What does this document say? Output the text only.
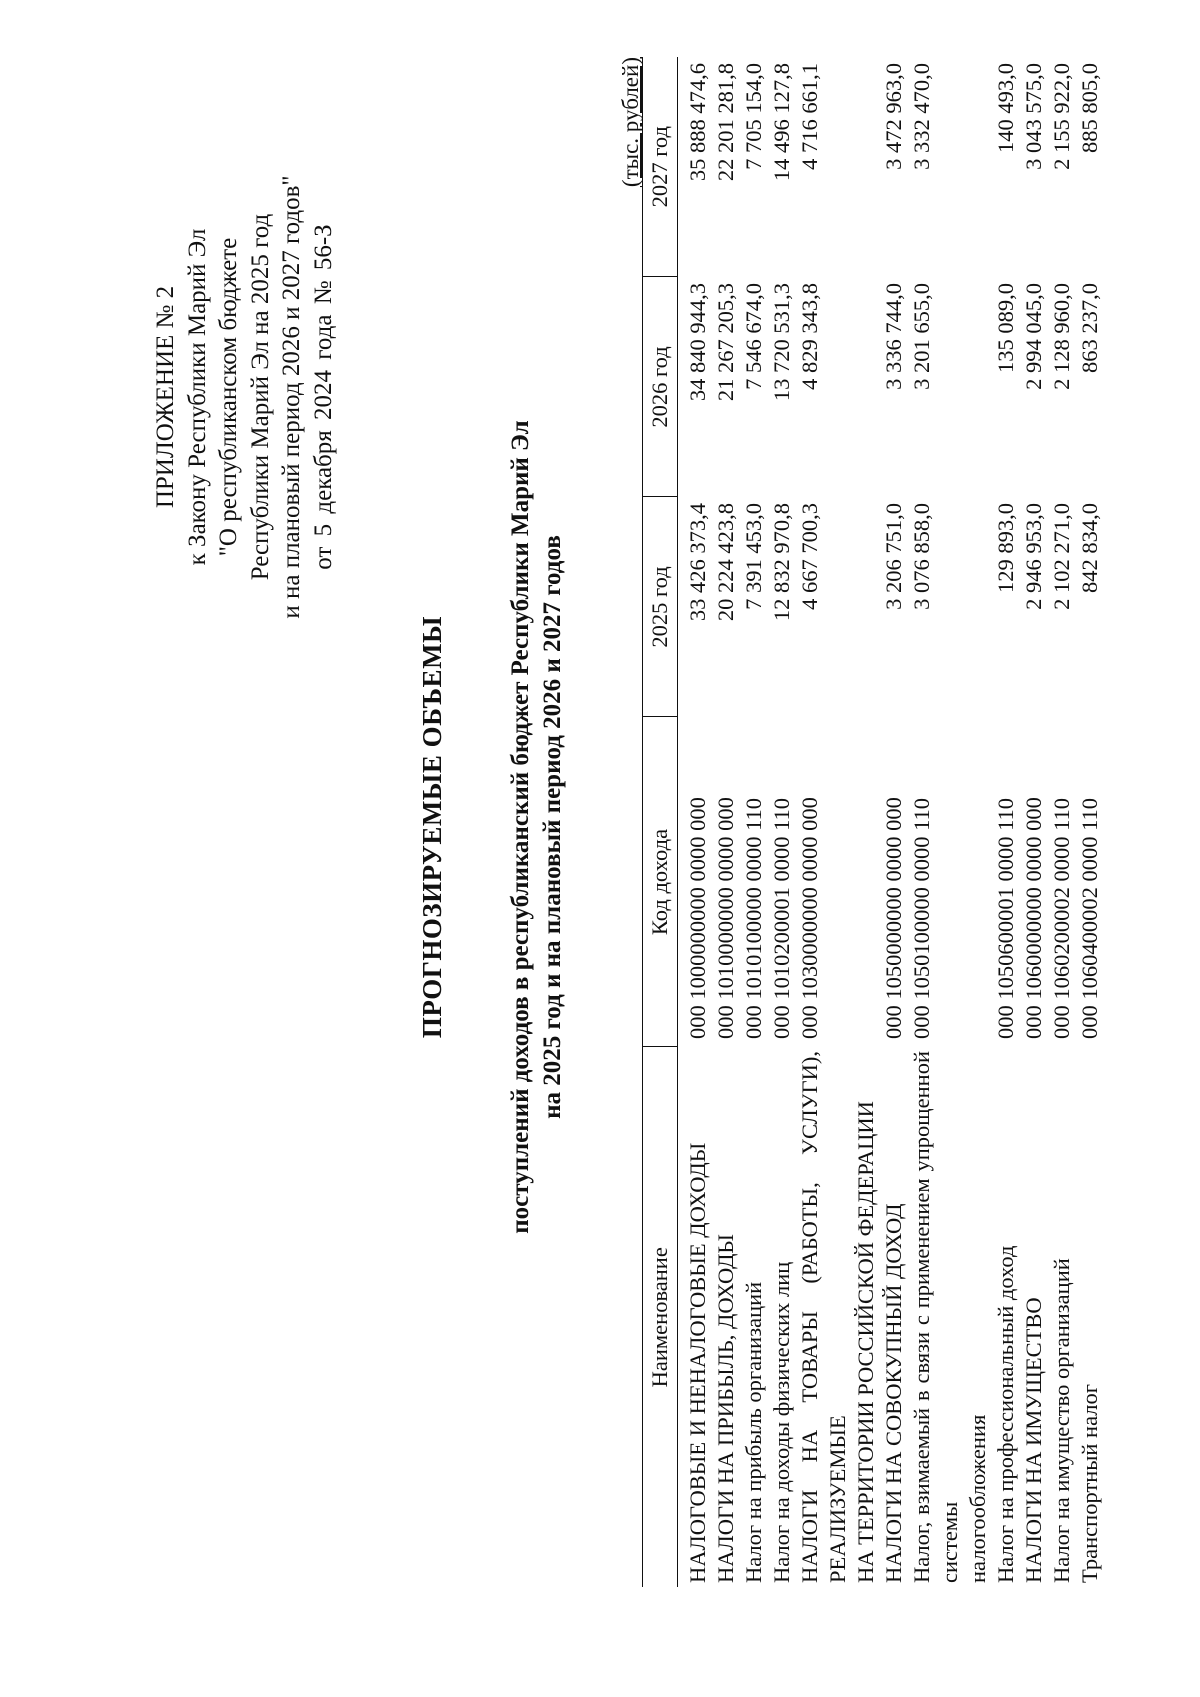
ПРИЛОЖЕНИЕ № 2 к Закону Республики Марий Эл "О республиканском бюджете Республики Марий Эл на 2025 год и на плановый период 2026 и 2027 годов" от 5 декабря 2024 года № 56-З
ПРОГНОЗИРУЕМЫЕ ОБЪЕМЫ поступлений доходов в республиканский бюджет Республики Марий Эл на 2025 год и на плановый период 2026 и 2027 годов
(тыс. рублей)
Наименование	Код дохода	2025 год	2026 год	2027 год
НАЛОГОВЫЕ И НЕНАЛОГОВЫЕ ДОХОДЫ	000 1000000000 0000 000	33 426 373,4	34 840 944,3	35 888 474,6
НАЛОГИ НА ПРИБЫЛЬ, ДОХОДЫ	000 1010000000 0000 000	20 224 423,8	21 267 205,3	22 201 281,8
Налог на прибыль организаций	000 1010100000 0000 110	7 391 453,0	7 546 674,0	7 705 154,0
Налог на доходы физических лиц	000 1010200001 0000 110	12 832 970,8	13 720 531,3	14 496 127,8
НАЛОГИ НА ТОВАРЫ (РАБОТЫ, УСЛУГИ), РЕАЛИЗУЕМЫЕ НА ТЕРРИТОРИИ РОССИЙСКОЙ ФЕДЕРАЦИИ	000 1030000000 0000 000	4 667 700,3	4 829 343,8	4 716 661,1
НАЛОГИ НА СОВОКУПНЫЙ ДОХОД	000 1050000000 0000 000	3 206 751,0	3 336 744,0	3 472 963,0
Налог, взимаемый в связи с применением упрощенной системы налогообложения	000 1050100000 0000 110	3 076 858,0	3 201 655,0	3 332 470,0
Налог на профессиональный доход	000 1050600001 0000 110	129 893,0	135 089,0	140 493,0
НАЛОГИ НА ИМУЩЕСТВО	000 1060000000 0000 000	2 946 953,0	2 994 045,0	3 043 575,0
Налог на имущество организаций	000 1060200002 0000 110	2 102 271,0	2 128 960,0	2 155 922,0
Транспортный налог	000 1060400002 0000 110	842 834,0	863 237,0	885 805,0
